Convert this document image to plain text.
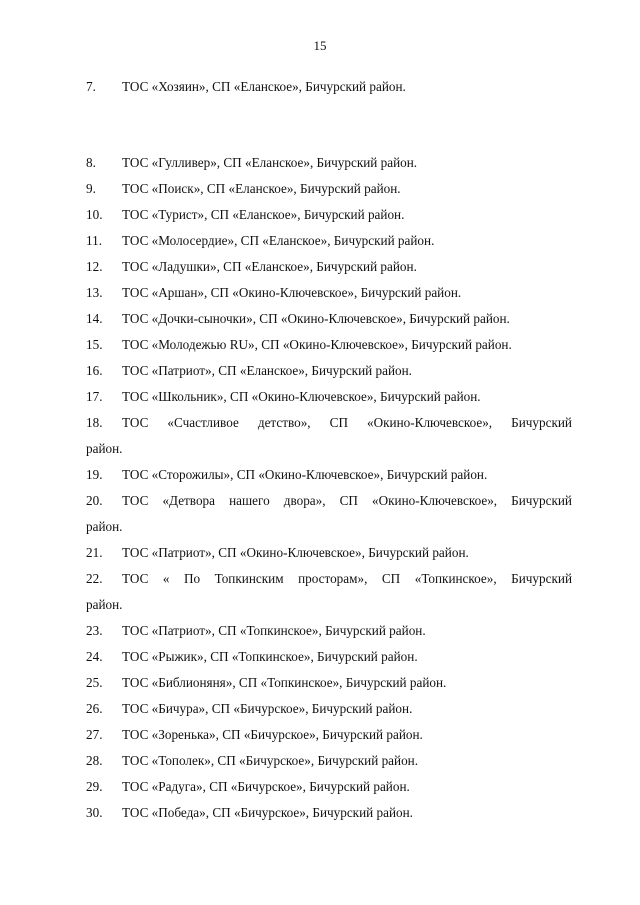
15
7. ТОС «Хозяин», СП «Еланское», Бичурский район.
8. ТОС «Гулливер», СП «Еланское», Бичурский район.
9. ТОС «Поиск», СП «Еланское», Бичурский район.
10. ТОС «Турист», СП «Еланское», Бичурский район.
11. ТОС «Молосердие», СП «Еланское», Бичурский район.
12. ТОС «Ладушки», СП «Еланское», Бичурский район.
13. ТОС «Аршан», СП «Окино-Ключевское», Бичурский район.
14. ТОС «Дочки-сыночки», СП «Окино-Ключевское», Бичурский район.
15. ТОС «Молодежью RU», СП «Окино-Ключевское», Бичурский район.
16. ТОС «Патриот», СП «Еланское», Бичурский район.
17. ТОС «Школьник», СП «Окино-Ключевское», Бичурский район.
18. ТОС «Счастливое детство», СП «Окино-Ключевское», Бичурский
район.
19. ТОС «Сторожилы», СП «Окино-Ключевское», Бичурский район.
20. ТОС «Детвора нашего двора», СП «Окино-Ключевское», Бичурский
район.
21. ТОС «Патриот», СП «Окино-Ключевское», Бичурский район.
22. ТОС « По Топкинским просторам», СП «Топкинское», Бичурский
район.
23. ТОС «Патриот», СП «Топкинское», Бичурский район.
24. ТОС «Рыжик», СП «Топкинское», Бичурский район.
25. ТОС «Библионяня», СП «Топкинское», Бичурский район.
26. ТОС «Бичура», СП «Бичурское», Бичурский район.
27. ТОС «Зоренька», СП «Бичурское», Бичурский район.
28. ТОС «Тополек», СП «Бичурское», Бичурский район.
29. ТОС «Радуга», СП «Бичурское», Бичурский район.
30. ТОС «Победа», СП «Бичурское», Бичурский район.
